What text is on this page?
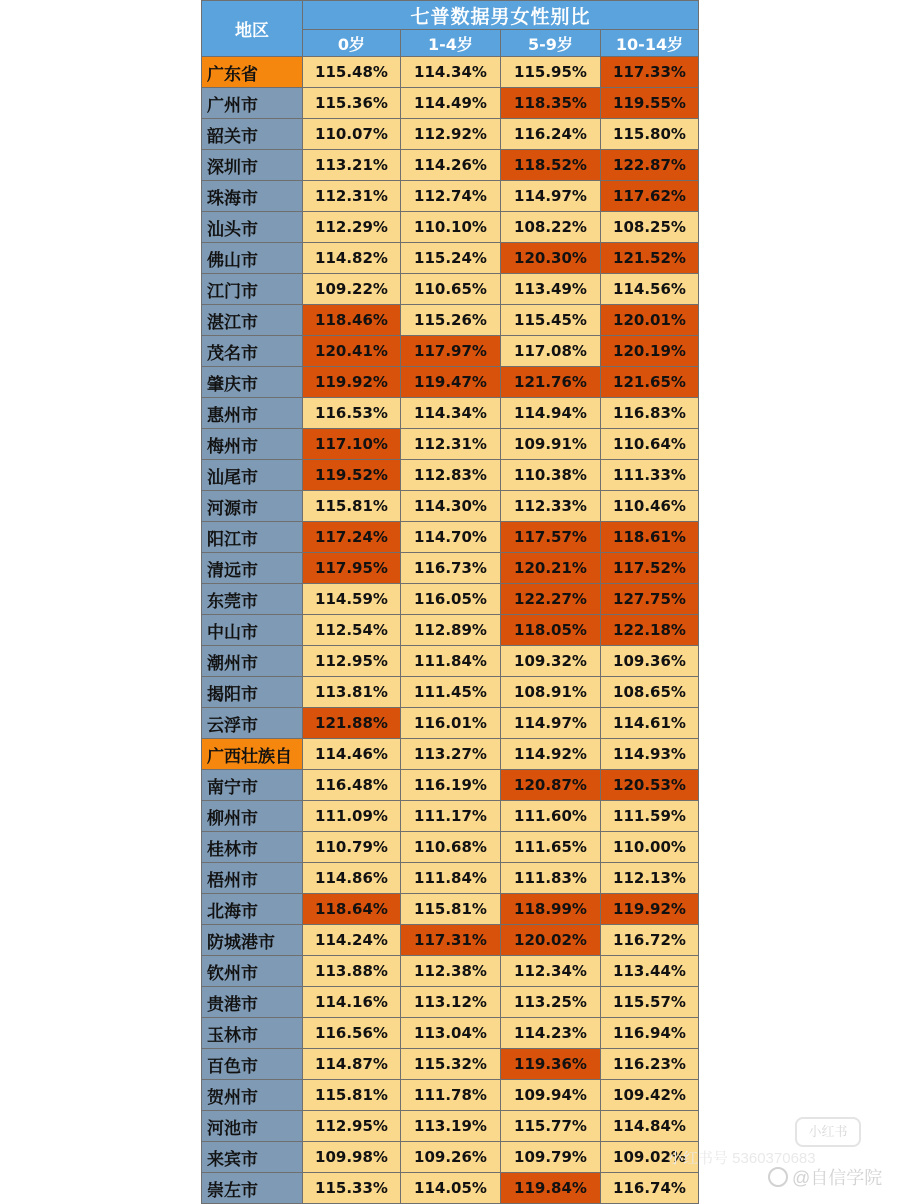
地区	七普数据男女性别比			
	0岁	1-4岁	5-9岁	10-14岁
广东省	115.48%	114.34%	115.95%	117.33%
广州市	115.36%	114.49%	118.35%	119.55%
韶关市	110.07%	112.92%	116.24%	115.80%
深圳市	113.21%	114.26%	118.52%	122.87%
珠海市	112.31%	112.74%	114.97%	117.62%
汕头市	112.29%	110.10%	108.22%	108.25%
佛山市	114.82%	115.24%	120.30%	121.52%
江门市	109.22%	110.65%	113.49%	114.56%
湛江市	118.46%	115.26%	115.45%	120.01%
茂名市	120.41%	117.97%	117.08%	120.19%
肇庆市	119.92%	119.47%	121.76%	121.65%
惠州市	116.53%	114.34%	114.94%	116.83%
梅州市	117.10%	112.31%	109.91%	110.64%
汕尾市	119.52%	112.83%	110.38%	111.33%
河源市	115.81%	114.30%	112.33%	110.46%
阳江市	117.24%	114.70%	117.57%	118.61%
清远市	117.95%	116.73%	120.21%	117.52%
东莞市	114.59%	116.05%	122.27%	127.75%
中山市	112.54%	112.89%	118.05%	122.18%
潮州市	112.95%	111.84%	109.32%	109.36%
揭阳市	113.81%	111.45%	108.91%	108.65%
云浮市	121.88%	116.01%	114.97%	114.61%
广西壮族自	114.46%	113.27%	114.92%	114.93%
南宁市	116.48%	116.19%	120.87%	120.53%
柳州市	111.09%	111.17%	111.60%	111.59%
桂林市	110.79%	110.68%	111.65%	110.00%
梧州市	114.86%	111.84%	111.83%	112.13%
北海市	118.64%	115.81%	118.99%	119.92%
防城港市	114.24%	117.31%	120.02%	116.72%
钦州市	113.88%	112.38%	112.34%	113.44%
贵港市	114.16%	113.12%	113.25%	115.57%
玉林市	116.56%	113.04%	114.23%	116.94%
百色市	114.87%	115.32%	119.36%	116.23%
贺州市	115.81%	111.78%	109.94%	109.42%
河池市	112.95%	113.19%	115.77%	114.84%
来宾市	109.98%	109.26%	109.79%	109.02%
崇左市	115.33%	114.05%	119.84%	116.74%
小红书
小红书号 5360370683
@自信学院
